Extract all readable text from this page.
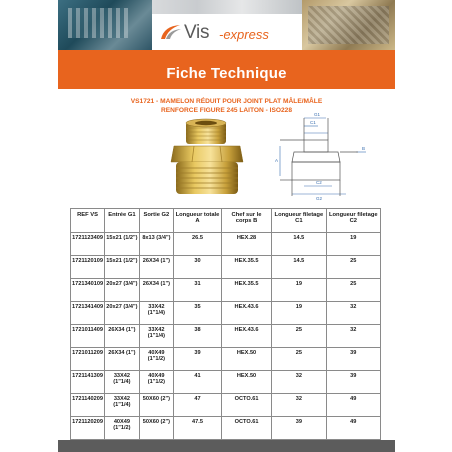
Vis -express
Fiche Technique
VS1721 - MAMELON RÉDUIT POUR JOINT PLAT MÂLE/MÂLE
RENFORCE FIGURE 245 LAITON - ISO228
G1
C1
A
B
C2
G2
REF VS	Entrée G1	Sortie G2	Longueur totale A	Chef sur le corps B	Longueur filetage C1	Longueur filetage C2
1721123409	15x21 (1/2")	8x13 (3/4")	26.5	HEX.28	14.5	19
1721120109	15x21 (1/2")	26X34 (1")	30	HEX.35.5	14.5	25
1721340109	20x27 (3/4")	26X34 (1")	31	HEX.35.5	19	25
1721341409	20x27 (3/4")	33X42 (1"1/4)	35	HEX.43.6	19	32
1721011409	26X34 (1")	33X42 (1"1/4)	38	HEX.43.6	25	32
1721011209	26X34 (1")	40X49 (1"1/2)	39	HEX.50	25	39
1721141309	33X42 (1"1/4)	40X49 (1"1/2)	41	HEX.50	32	39
1721140209	33X42 (1"1/4)	50X60 (2")	47	OCTO.61	32	49
1721120209	40X49 (1"1/2)	50X60 (2")	47.5	OCTO.61	39	49
